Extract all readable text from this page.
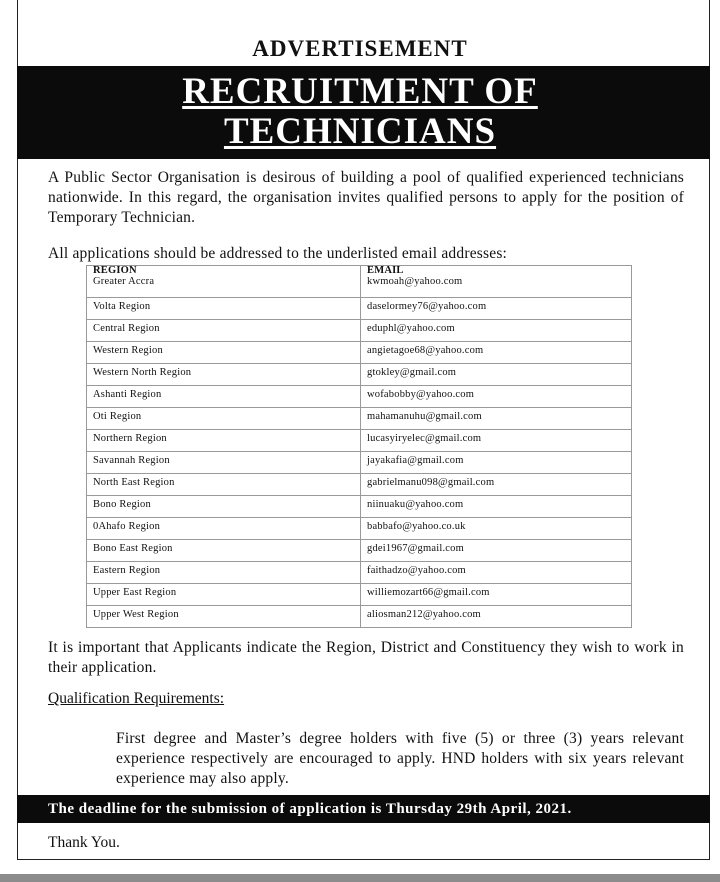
ADVERTISEMENT
RECRUITMENT OF
TECHNICIANS

A Public Sector Organisation is desirous of building a pool of qualified experienced technicians nationwide. In this regard, the organisation invites qualified persons to apply for the position of Temporary Technician.

All applications should be addressed to the underlisted email addresses:

REGION	EMAIL
Greater Accra	kwmoah@yahoo.com
Volta Region	daselormey76@yahoo.com
Central Region	eduphl@yahoo.com
Western Region	angietagoe68@yahoo.com
Western North Region	gtokley@gmail.com
Ashanti Region	wofabobby@yahoo.com
Oti Region	mahamanuhu@gmail.com
Northern Region	lucasyiryelec@gmail.com
Savannah Region	jayakafia@gmail.com
North East Region	gabrielmanu098@gmail.com
Bono Region	niinuaku@yahoo.com
0Ahafo Region	babbafo@yahoo.co.uk
Bono East Region	gdei1967@gmail.com
Eastern Region	faithadzo@yahoo.com
Upper East Region	williemozart66@gmail.com
Upper West Region	aliosman212@yahoo.com

It is important that Applicants indicate the Region, District and Constituency they wish to work in their application.

Qualification Requirements:

First degree and Master’s degree holders with five (5) or three (3) years relevant experience respectively are encouraged to apply. HND holders with six years relevant experience may also apply.

The deadline for the submission of application is Thursday 29th April, 2021.

Thank You.
